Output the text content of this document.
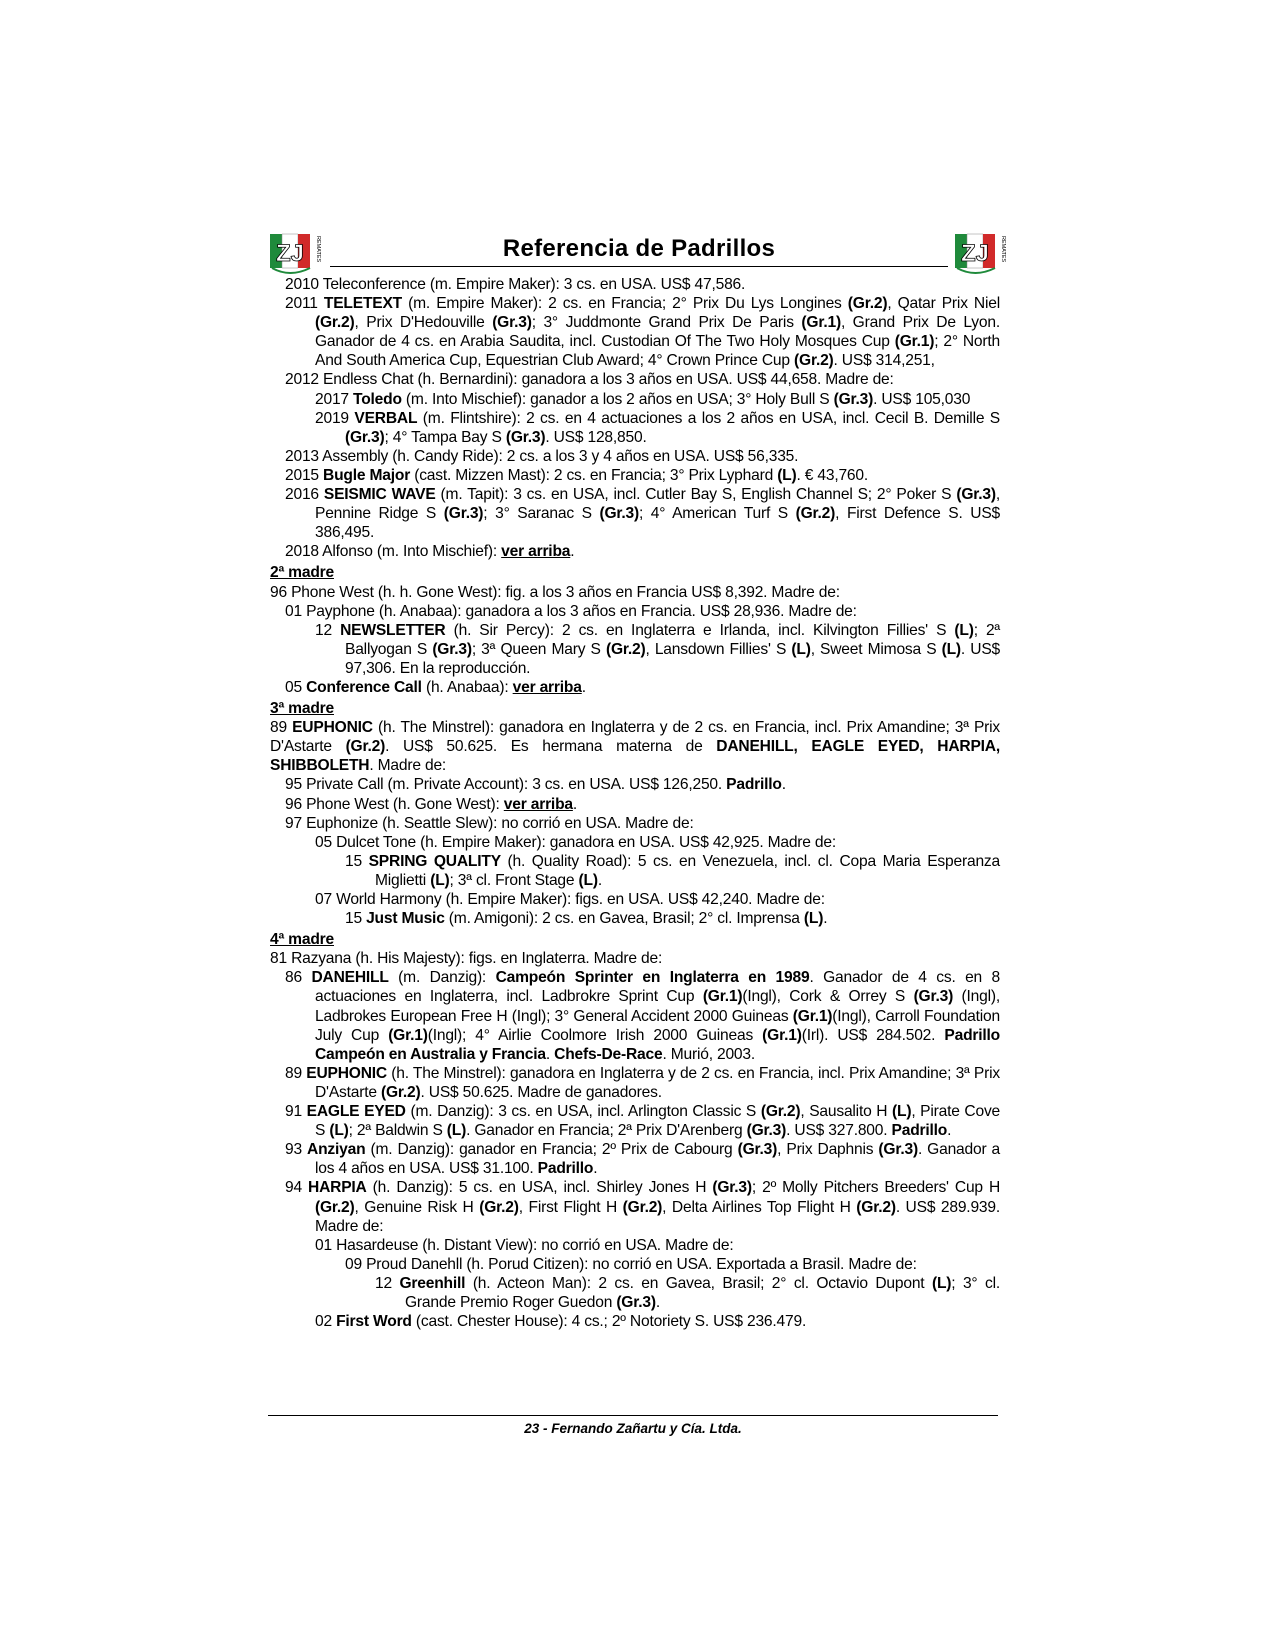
ZJ REMATES	Referencia de Padrillos	ZJ REMATES
2010 Teleconference (m. Empire Maker): 3 cs. en USA. US$ 47,586.
2011 TELETEXT (m. Empire Maker): 2 cs. en Francia; 2° Prix Du Lys Longines (Gr.2), Qatar Prix Niel (Gr.2), Prix D'Hedouville (Gr.3); 3° Juddmonte Grand Prix De Paris (Gr.1), Grand Prix De Lyon. Ganador de 4 cs. en Arabia Saudita, incl. Custodian Of The Two Holy Mosques Cup (Gr.1); 2° North And South America Cup, Equestrian Club Award; 4° Crown Prince Cup (Gr.2). US$ 314,251,
2012 Endless Chat (h. Bernardini): ganadora a los 3 años en USA. US$ 44,658. Madre de:
2017 Toledo (m. Into Mischief): ganador a los 2 años en USA; 3° Holy Bull S (Gr.3). US$ 105,030
2019 VERBAL (m. Flintshire): 2 cs. en 4 actuaciones a los 2 años en USA, incl. Cecil B. Demille S (Gr.3); 4° Tampa Bay S (Gr.3). US$ 128,850.
2013 Assembly (h. Candy Ride): 2 cs. a los 3 y 4 años en USA. US$ 56,335.
2015 Bugle Major (cast. Mizzen Mast): 2 cs. en Francia; 3° Prix Lyphard (L). € 43,760.
2016 SEISMIC WAVE (m. Tapit): 3 cs. en USA, incl. Cutler Bay S, English Channel S; 2° Poker S (Gr.3), Pennine Ridge S (Gr.3); 3° Saranac S (Gr.3); 4° American Turf S (Gr.2), First Defence S. US$ 386,495.
2018 Alfonso (m. Into Mischief): ver arriba.
2ª madre
96 Phone West (h. h. Gone West): fig. a los 3 años en Francia US$ 8,392. Madre de:
01 Payphone (h. Anabaa): ganadora a los 3 años en Francia. US$ 28,936. Madre de:
12 NEWSLETTER (h. Sir Percy): 2 cs. en Inglaterra e Irlanda, incl. Kilvington Fillies' S (L); 2ª Ballyogan S (Gr.3); 3ª Queen Mary S (Gr.2), Lansdown Fillies' S (L), Sweet Mimosa S (L). US$ 97,306. En la reproducción.
05 Conference Call (h. Anabaa): ver arriba.
3ª madre
89 EUPHONIC (h. The Minstrel): ganadora en Inglaterra y de 2 cs. en Francia, incl. Prix Amandine; 3ª Prix D'Astarte (Gr.2). US$ 50.625. Es hermana materna de DANEHILL, EAGLE EYED, HARPIA, SHIBBOLETH. Madre de:
95 Private Call (m. Private Account): 3 cs. en USA. US$ 126,250. Padrillo.
96 Phone West (h. Gone West): ver arriba.
97 Euphonize (h. Seattle Slew): no corrió en USA. Madre de:
05 Dulcet Tone (h. Empire Maker): ganadora en USA. US$ 42,925. Madre de:
15 SPRING QUALITY (h. Quality Road): 5 cs. en Venezuela, incl. cl. Copa Maria Esperanza Miglietti (L); 3ª cl. Front Stage (L).
07 World Harmony (h. Empire Maker): figs. en USA. US$ 42,240. Madre de:
15 Just Music (m. Amigoni): 2 cs. en Gavea, Brasil; 2° cl. Imprensa (L).
4ª madre
81 Razyana (h. His Majesty): figs. en Inglaterra. Madre de:
86 DANEHILL (m. Danzig): Campeón Sprinter en Inglaterra en 1989. Ganador de 4 cs. en 8 actuaciones en Inglaterra, incl. Ladbrokre Sprint Cup (Gr.1)(Ingl), Cork & Orrey S (Gr.3) (Ingl), Ladbrokes European Free H (Ingl); 3° General Accident 2000 Guineas (Gr.1)(Ingl), Carroll Foundation July Cup (Gr.1)(Ingl); 4° Airlie Coolmore Irish 2000 Guineas (Gr.1)(Irl). US$ 284.502. Padrillo Campeón en Australia y Francia. Chefs-De-Race. Murió, 2003.
89 EUPHONIC (h. The Minstrel): ganadora en Inglaterra y de 2 cs. en Francia, incl. Prix Amandine; 3ª Prix D'Astarte (Gr.2). US$ 50.625. Madre de ganadores.
91 EAGLE EYED (m. Danzig): 3 cs. en USA, incl. Arlington Classic S (Gr.2), Sausalito H (L), Pirate Cove S (L); 2ª Baldwin S (L). Ganador en Francia; 2ª Prix D'Arenberg (Gr.3). US$ 327.800. Padrillo.
93 Anziyan (m. Danzig): ganador en Francia; 2º Prix de Cabourg (Gr.3), Prix Daphnis (Gr.3). Ganador a los 4 años en USA. US$ 31.100. Padrillo.
94 HARPIA (h. Danzig): 5 cs. en USA, incl. Shirley Jones H (Gr.3); 2º Molly Pitchers Breeders' Cup H (Gr.2), Genuine Risk H (Gr.2), First Flight H (Gr.2), Delta Airlines Top Flight H (Gr.2). US$ 289.939. Madre de:
01 Hasardeuse (h. Distant View): no corrió en USA. Madre de:
09 Proud Danehll (h. Porud Citizen): no corrió en USA. Exportada a Brasil. Madre de:
12 Greenhill (h. Acteon Man): 2 cs. en Gavea, Brasil; 2° cl. Octavio Dupont (L); 3° cl. Grande Premio Roger Guedon (Gr.3).
02 First Word (cast. Chester House): 4 cs.; 2º Notoriety S. US$ 236.479.
23 - Fernando Zañartu y Cía. Ltda.
